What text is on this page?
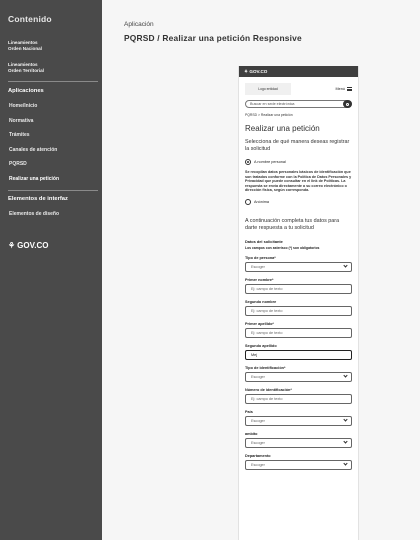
Contenido
Lineamientos
Orden Nacional
Lineamientos
Orden Territorial
Aplicaciones
Home/Inicio
Normativa
Trámites
Canales de atención
PQRSD
Realizar una petición
Elementos de interfaz
Elementos de diseño
⚘ GOV.CO
Aplicación
PQRSD / Realizar una petición Responsive
⚘ GOV.CO
Logo entidad	Menú
Buscar en sede electrónica
PQRSD > Realizar una petición
Realizar una petición
Selecciona de qué manera deseas registrar la solicitud
A nombre personal
Se recopilan datos personales básicos de identificación que son tratados conforme con la Política de Datos Personales y Privacidad que puede consultar en el link de Políticas. La respuesta se envía directamente a su correo electrónico o dirección física, según corresponda.
Anónima
A continuación completa tus datos para darte respuesta a tu solicitud
Datos del solicitante
Los campos con asterisco (*) son obligatorios
Tipo de persona*
Escoger
Primer nombre*
Ej: campo de texto
Segundo nombre
Ej: campo de texto
Primer apellido*
Ej: campo de texto
Segundo apellido
Mej
Tipo de identificación*
Escoger
Número de identificación*
Ej: campo de texto
País
Escoger
ambito
Escoger
Departamento
Escoger
